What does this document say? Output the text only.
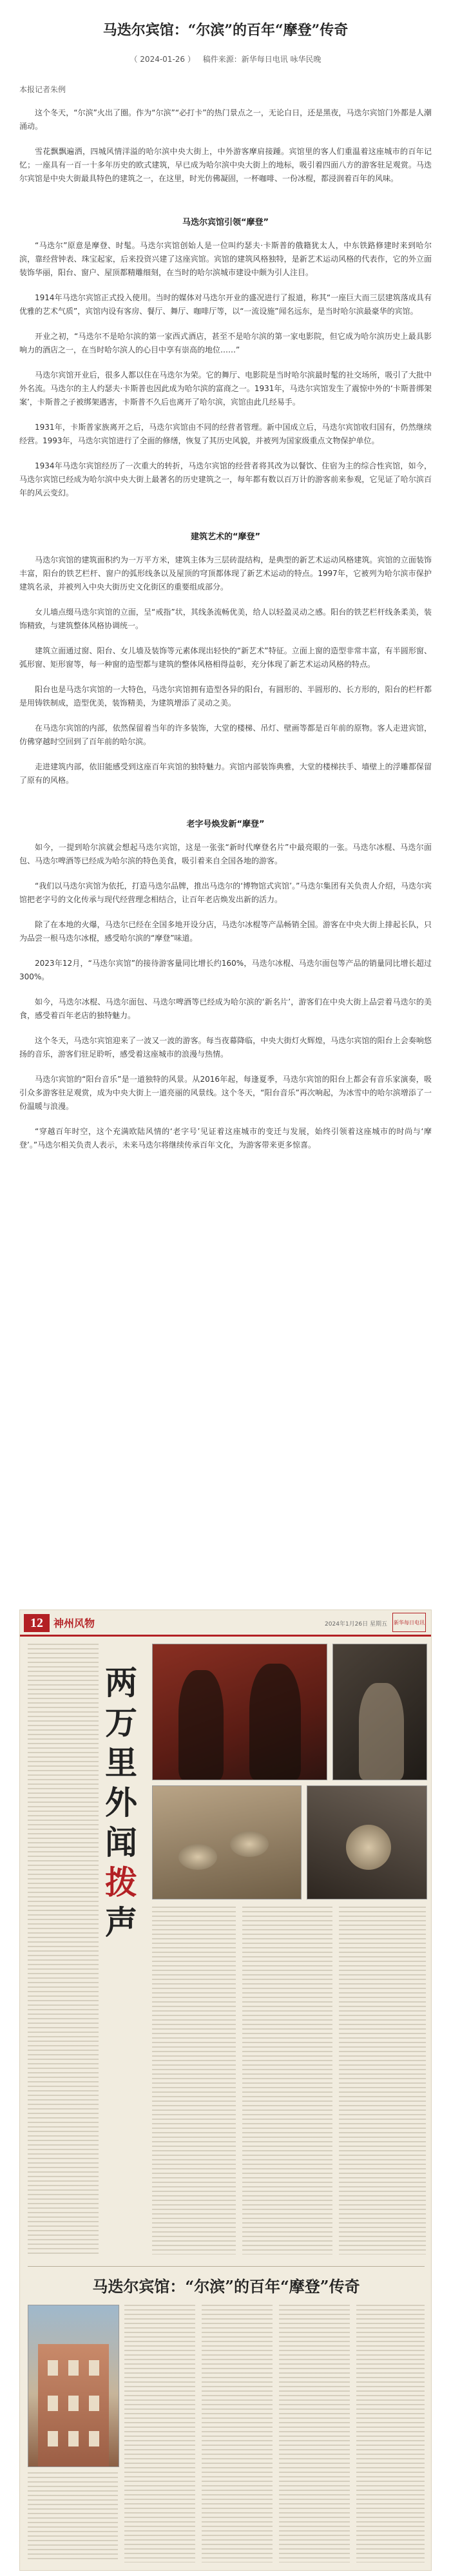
马迭尔宾馆：“尔滨”的百年“摩登”传奇
（ 2024-01-26 ） 稿件来源：新华每日电讯 咏华民晚
本报记者朱例

这个冬天，“尔滨”火出了圈。作为“尔滨”“必打卡”的热门景点之一，无论白日，还是黑夜，马迭尔宾馆门外都是人潮涌动。

雪花飘飘遍洒，四城风情洋溢的哈尔滨中央大街上，中外游客摩肩接踵。宾馆里的客人们重温着这座城市的百年记忆；一座具有一百一十多年历史的欧式建筑，早已成为哈尔滨中央大街上的地标，吸引着四面八方的游客驻足观赏。马迭尔宾馆是中央大街最具特色的建筑之一，在这里，时光仿佛凝固，一杯咖啡、一份冰棍，都浸润着百年的风味。

马迭尔宾馆引领“摩登”

“马迭尔”原意是摩登、时髦。马迭尔宾馆创始人是一位叫约瑟夫·卡斯普的俄籍犹太人，中东铁路修建时来到哈尔滨，靠经营钟表、珠宝起家，后来投资兴建了这座宾馆。宾馆的建筑风格独特，是新艺术运动风格的代表作，它的外立面装饰华丽，阳台、窗户、屋顶都精雕细刻，在当时的哈尔滨城市建设中颇为引人注目。

1914年马迭尔宾馆正式投入使用。当时的媒体对马迭尔开业的盛况进行了报道，称其“一座巨大而三层建筑落成具有优雅的艺术气质”，宾馆内设有客房、餐厅、舞厅、咖啡厅等，以“一流设施”闻名远东，是当时哈尔滨最豪华的宾馆。

开业之初，“马迭尔不是哈尔滨的第一家西式酒店，甚至不是哈尔滨的第一家电影院，但它成为哈尔滨历史上最具影响力的酒店之一，在当时哈尔滨人的心目中享有崇高的地位……”

马迭尔宾馆开业后，很多人都以住在马迭尔为荣。它的舞厅、电影院是当时哈尔滨最时髦的社交场所，吸引了大批中外名流。马迭尔的主人约瑟夫·卡斯普也因此成为哈尔滨的富商之一。1931年，马迭尔宾馆发生了震惊中外的‘卡斯普绑架案’，卡斯普之子被绑架遇害，卡斯普不久后也离开了哈尔滨，宾馆由此几经易手。

1931年，卡斯普家族离开之后，马迭尔宾馆由不同的经营者管理。新中国成立后，马迭尔宾馆收归国有，仍然继续经营。1993年，马迭尔宾馆进行了全面的修缮，恢复了其历史风貌，并被列为国家级重点文物保护单位。

1934年马迭尔宾馆经历了一次重大的转折，马迭尔宾馆的经营者将其改为以餐饮、住宿为主的综合性宾馆，如今，马迭尔宾馆已经成为哈尔滨中央大街上最著名的历史建筑之一，每年都有数以百万计的游客前来参观，它见证了哈尔滨百年的风云变幻。

建筑艺术的“摩登”

马迭尔宾馆的建筑面积约为一万平方米，建筑主体为三层砖混结构，是典型的新艺术运动风格建筑。宾馆的立面装饰丰富，阳台的铁艺栏杆、窗户的弧形线条以及屋顶的穹顶都体现了新艺术运动的特点。1997年，它被列为哈尔滨市保护建筑名录，并被列入中央大街历史文化街区的重要组成部分。

女儿墙点缀马迭尔宾馆的立面，呈“戒指”状，其线条流畅优美，给人以轻盈灵动之感。阳台的铁艺栏杆线条柔美，装饰精致，与建筑整体风格协调统一。

建筑立面通过窗、阳台、女儿墙及装饰等元素体现出轻快的“新艺术”特征。立面上窗的造型非常丰富，有半圆形窗、弧形窗、矩形窗等，每一种窗的造型都与建筑的整体风格相得益彰，充分体现了新艺术运动风格的特点。

阳台也是马迭尔宾馆的一大特色，马迭尔宾馆拥有造型各异的阳台，有圆形的、半圆形的、长方形的，阳台的栏杆都是用铸铁制成，造型优美，装饰精美，为建筑增添了灵动之美。

在马迭尔宾馆的内部，依然保留着当年的许多装饰，大堂的楼梯、吊灯、壁画等都是百年前的原物。客人走进宾馆，仿佛穿越时空回到了百年前的哈尔滨。

走进建筑内部，依旧能感受到这座百年宾馆的独特魅力。宾馆内部装饰典雅，大堂的楼梯扶手、墙壁上的浮雕都保留了原有的风格。

老字号焕发新“摩登”

如今，一提到哈尔滨就会想起马迭尔宾馆，这是一张张“新时代摩登名片”中最亮眼的一张。马迭尔冰棍、马迭尔面包、马迭尔啤酒等已经成为哈尔滨的特色美食，吸引着来自全国各地的游客。

“我们以马迭尔宾馆为依托，打造马迭尔品牌，推出马迭尔的‘博物馆式宾馆’。”马迭尔集团有关负责人介绍，马迭尔宾馆把老字号的文化传承与现代经营理念相结合，让百年老店焕发出新的活力。

除了在本地的火爆，马迭尔已经在全国多地开设分店，马迭尔冰棍等产品畅销全国。游客在中央大街上排起长队，只为品尝一根马迭尔冰棍，感受哈尔滨的“摩登”味道。

2023年12月，“马迭尔宾馆”的接待游客量同比增长约160%，马迭尔冰棍、马迭尔面包等产品的销量同比增长超过300%。

如今，马迭尔冰棍、马迭尔面包、马迭尔啤酒等已经成为哈尔滨的‘新名片’，游客们在中央大街上品尝着马迭尔的美食，感受着百年老店的独特魅力。

这个冬天，马迭尔宾馆迎来了一波又一波的游客。每当夜幕降临，中央大街灯火辉煌，马迭尔宾馆的阳台上会奏响悠扬的音乐，游客们驻足聆听，感受着这座城市的浪漫与热情。

马迭尔宾馆的“阳台音乐”是一道独特的风景。从2016年起，每逢夏季，马迭尔宾馆的阳台上都会有音乐家演奏，吸引众多游客驻足观赏，成为中央大街上一道亮丽的风景线。这个冬天，“阳台音乐”再次响起，为冰雪中的哈尔滨增添了一份温暖与浪漫。

“穿越百年时空，这个充满欧陆风情的‘老字号’见证着这座城市的变迁与发展，始终引领着这座城市的时尚与‘摩登’。”马迭尔相关负责人表示，未来马迭尔将继续传承百年文化，为游客带来更多惊喜。

12	神州风物	2024年1月26日 星期五 新华每日电讯
两万里外闻拨声
马迭尔宾馆：“尔滨”的百年“摩登”传奇
